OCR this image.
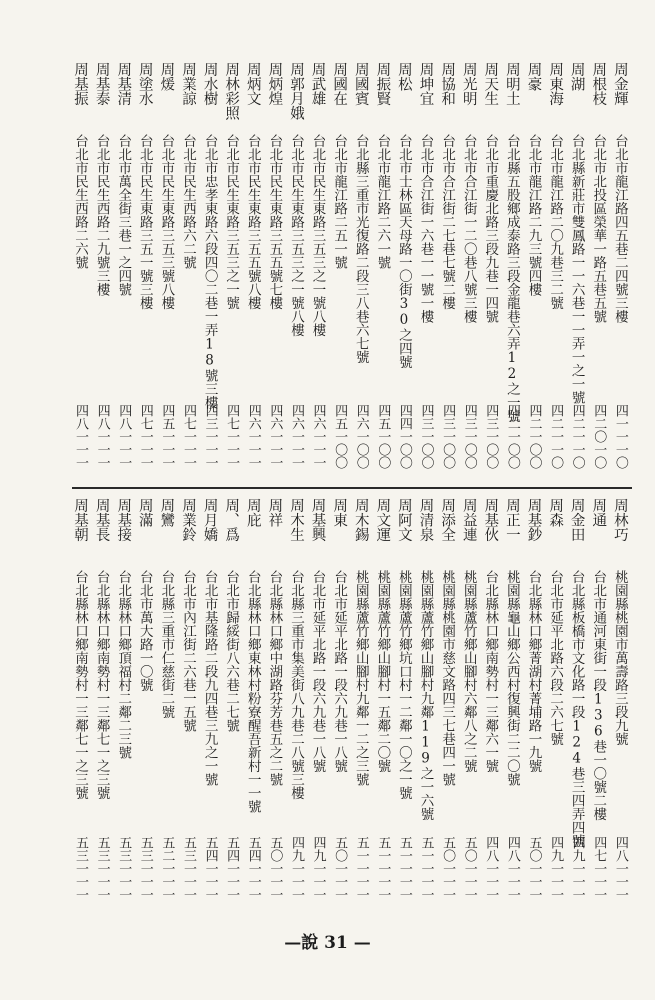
周金輝
台北市龍江路四五巷二四號三樓
四一一一〇
周根枝
台北市北投區榮華一路五巷五號
四二〇一〇
周湖
台北縣新莊市雙鳳路一一六巷一一弄一之一號
四二一一〇
周東海
台北市龍江路二〇九巷三二號
四二一一〇
周豪
台北市龍江路二九三號四樓
四二一〇〇
周明土
台北縣五股鄉成泰路三段金龍巷六弄12之一號
四二一〇〇
周天生
台北市重慶北路三段九巷一四號
四三一〇〇
周光明
台北市合江街一二〇巷八號三樓
四三一〇〇
周協和
台北市合江街二七巷七號二樓
四三一〇〇
周坤宜
台北市合江街一六巷一一號一樓
四三一〇〇
周松
台北市士林區天母路一〇街30之四號
四四一〇〇
周振賢
台北市龍江路二六一號
四五一〇〇
周國賓
台北縣三重市光復路二段三八巷六七號
四六一〇〇
周國在
台北市龍江路二五一號
四五一〇〇
周武雄
台北市民生東路三五三之一號八樓
四六一一一
周郭月娥
台北市民生東路三五三之一號八樓
四六一一一
周炳煌
台北市民生東路三五五號七樓
四六一一一
周炳文
台北市民生東路三五五號八樓
四六一一一
周林彩照
台北市民生東路三五三之一號
四七一一一
周水樹
台北市忠孝東路六段四〇二巷一弄18號三樓
四三一一一
周業諒
台北市民生西路六二號
四七一一一
周煖
台北市民生東路三五三號八樓
四五一一一
周塗水
台北市民生東路三五一號三樓
四七一一一
周基清
台北市萬全街三巷一之四號
四八一一一
周基泰
台北市民生西路二九號三樓
四八一一一
周基振
台北市民生西路二六號
四八一一一
周林巧
桃園縣桃園市萬壽路三段九號
四八一一一
周通
台北市通河東街一段136巷一〇號二樓
四七一一一
周金田
台北縣板橋市文化路一段124巷三四弄四號
四九一一一
周森
台北市延平北路六段二六七號
四九一一一
周基鈔
台北縣林口鄉菁湖村菁埔路一九號
五〇一一一
周正一
桃園縣龜山鄉公西村復興街二二〇號
四八一一一
周基伙
台北縣林口鄉南勢村一三鄰六一號
四八一一一
周益連
桃園縣蘆竹鄉山腳村六鄰八之二號
五〇一一一
周添全
桃園縣桃園市慈文路四三七巷四一號
五〇一一一
周清泉
桃園縣蘆竹鄉山腳村九鄰119之一六號
五一一一一
周阿文
桃園縣蘆竹鄉坑口村一二鄰一〇之一號
五一一一一
周文運
桃園縣蘆竹鄉山腳村一五鄰二〇號
五一一一一
周木錫
桃園縣蘆竹鄉山腳村九鄰一二之三號
五一一一一
周東
台北市延平北路一段六九巷一八號
五〇一一一
周基興
台北市延平北路一段六九巷一八號
四九一一一
周木生
台北縣三重市集美街八九巷二八號三樓
四九一一一
周祥
台北縣林口鄉中湖路芬芳巷五之二號
五〇一一一
周庇
台北縣林口鄉東林村粉寮醒吾新村一一號
五四一一一
周、爲
台北市歸綏街八六巷二七號
五四一一一
周月嬌
台北市基隆路二段九四巷三九之一號
五四一一一
周業鈴
台北市內江街二六巷一五號
五三一一一
周鸞
台北縣三重市仁慈街二號
五二一一一
周滿
台北市萬大路一〇號
五三一一一
周基接
台北縣林口鄉頂福村二鄰二三號
五三一一一
周基長
台北縣林口鄉南勢村一三鄰七一之三號
五三一一一
周基朝
台北縣林口鄉南勢村一三鄰七一之三號
五三一一一
—說 31 —
